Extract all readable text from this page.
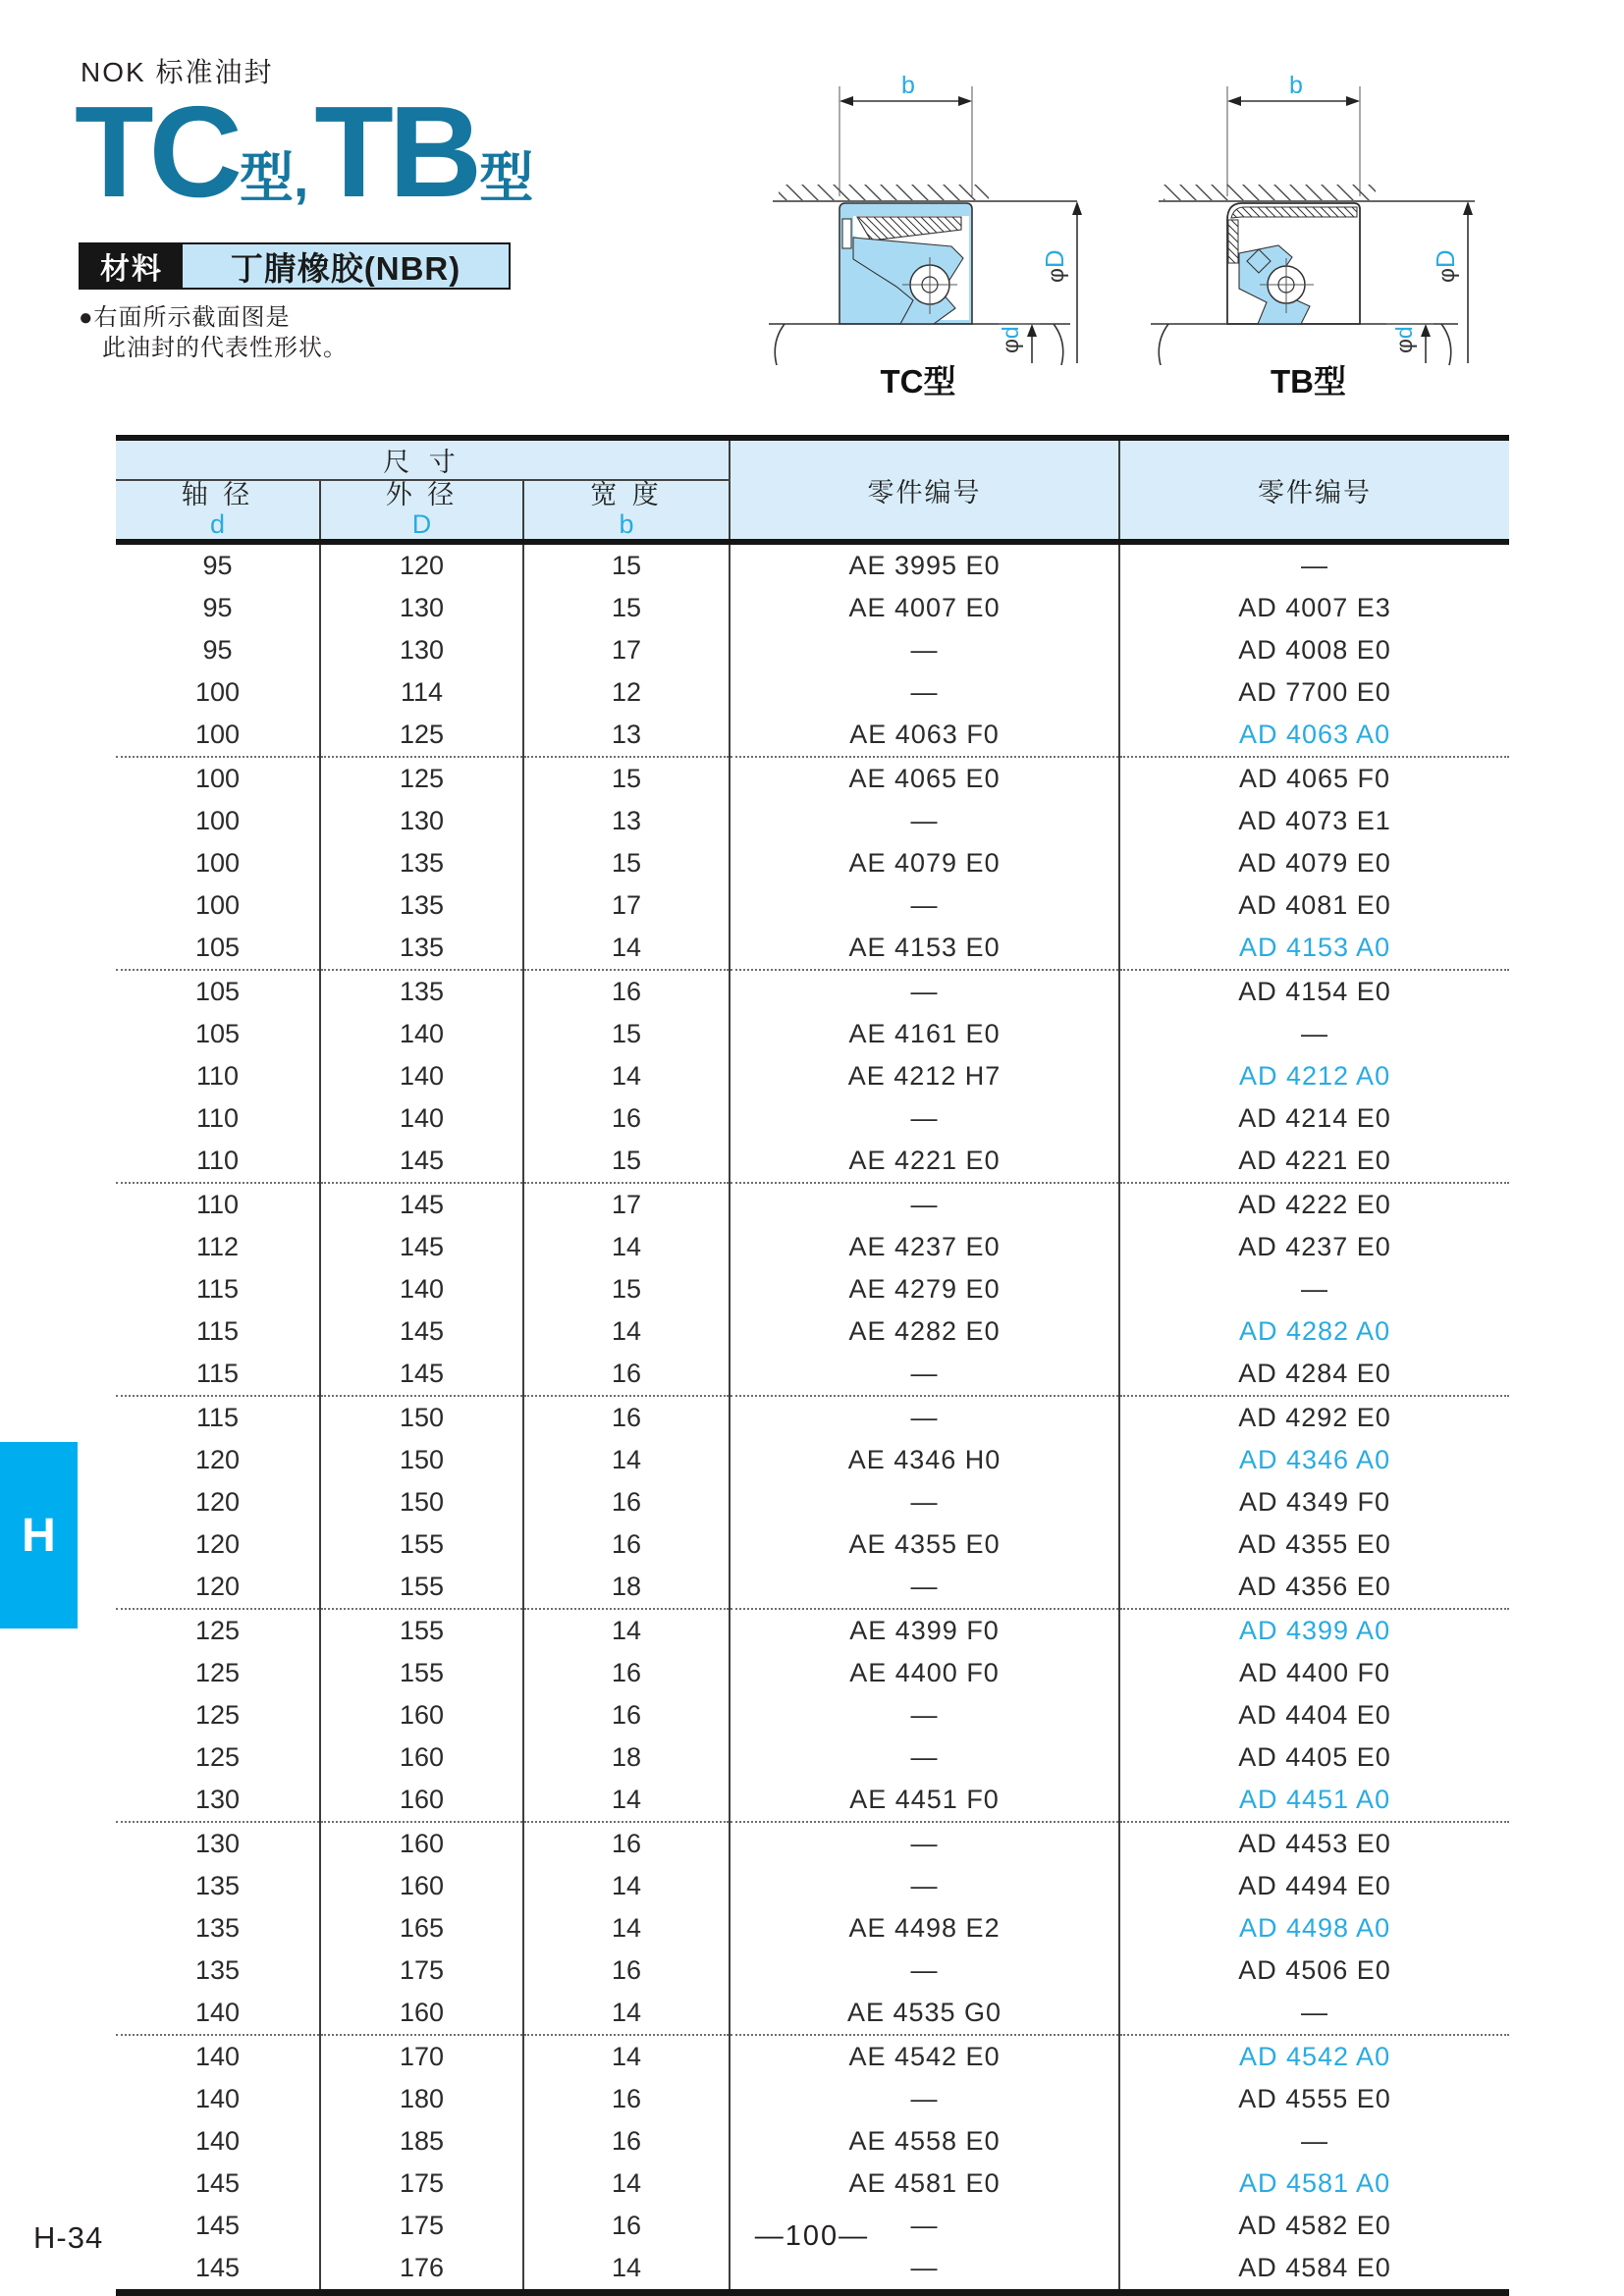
NOK 标准油封
TC 型, TB 型
材料	丁腈橡胶(NBR)
●右面所示截面图是
此油封的代表性形状。
b
φd
φD
TC型
b
φd
φD
TB型
尺 寸			零件编号	零件编号

轴 径
d

外 径
D

宽 度
b

95	120	15	AE 3995 E0	—
95	130	15	AE 4007 E0	AD 4007 E3
95	130	17	—	AD 4008 E0
100	114	12	—	AD 7700 E0
100	125	13	AE 4063 F0	AD 4063 A0
100	125	15	AE 4065 E0	AD 4065 F0
100	130	13	—	AD 4073 E1
100	135	15	AE 4079 E0	AD 4079 E0
100	135	17	—	AD 4081 E0
105	135	14	AE 4153 E0	AD 4153 A0
105	135	16	—	AD 4154 E0
105	140	15	AE 4161 E0	—
110	140	14	AE 4212 H7	AD 4212 A0
110	140	16	—	AD 4214 E0
110	145	15	AE 4221 E0	AD 4221 E0
110	145	17	—	AD 4222 E0
112	145	14	AE 4237 E0	AD 4237 E0
115	140	15	AE 4279 E0	—
115	145	14	AE 4282 E0	AD 4282 A0
115	145	16	—	AD 4284 E0
115	150	16	—	AD 4292 E0
120	150	14	AE 4346 H0	AD 4346 A0
120	150	16	—	AD 4349 F0
120	155	16	AE 4355 E0	AD 4355 E0
120	155	18	—	AD 4356 E0
125	155	14	AE 4399 F0	AD 4399 A0
125	155	16	AE 4400 F0	AD 4400 F0
125	160	16	—	AD 4404 E0
125	160	18	—	AD 4405 E0
130	160	14	AE 4451 F0	AD 4451 A0
130	160	16	—	AD 4453 E0
135	160	14	—	AD 4494 E0
135	165	14	AE 4498 E2	AD 4498 A0
135	175	16	—	AD 4506 E0
140	160	14	AE 4535 G0	—
140	170	14	AE 4542 E0	AD 4542 A0
140	180	16	—	AD 4555 E0
140	185	16	AE 4558 E0	—
145	175	14	AE 4581 E0	AD 4581 A0
145	175	16	—	AD 4582 E0
145	176	14	—	AD 4584 E0
H
H-34	—100—
